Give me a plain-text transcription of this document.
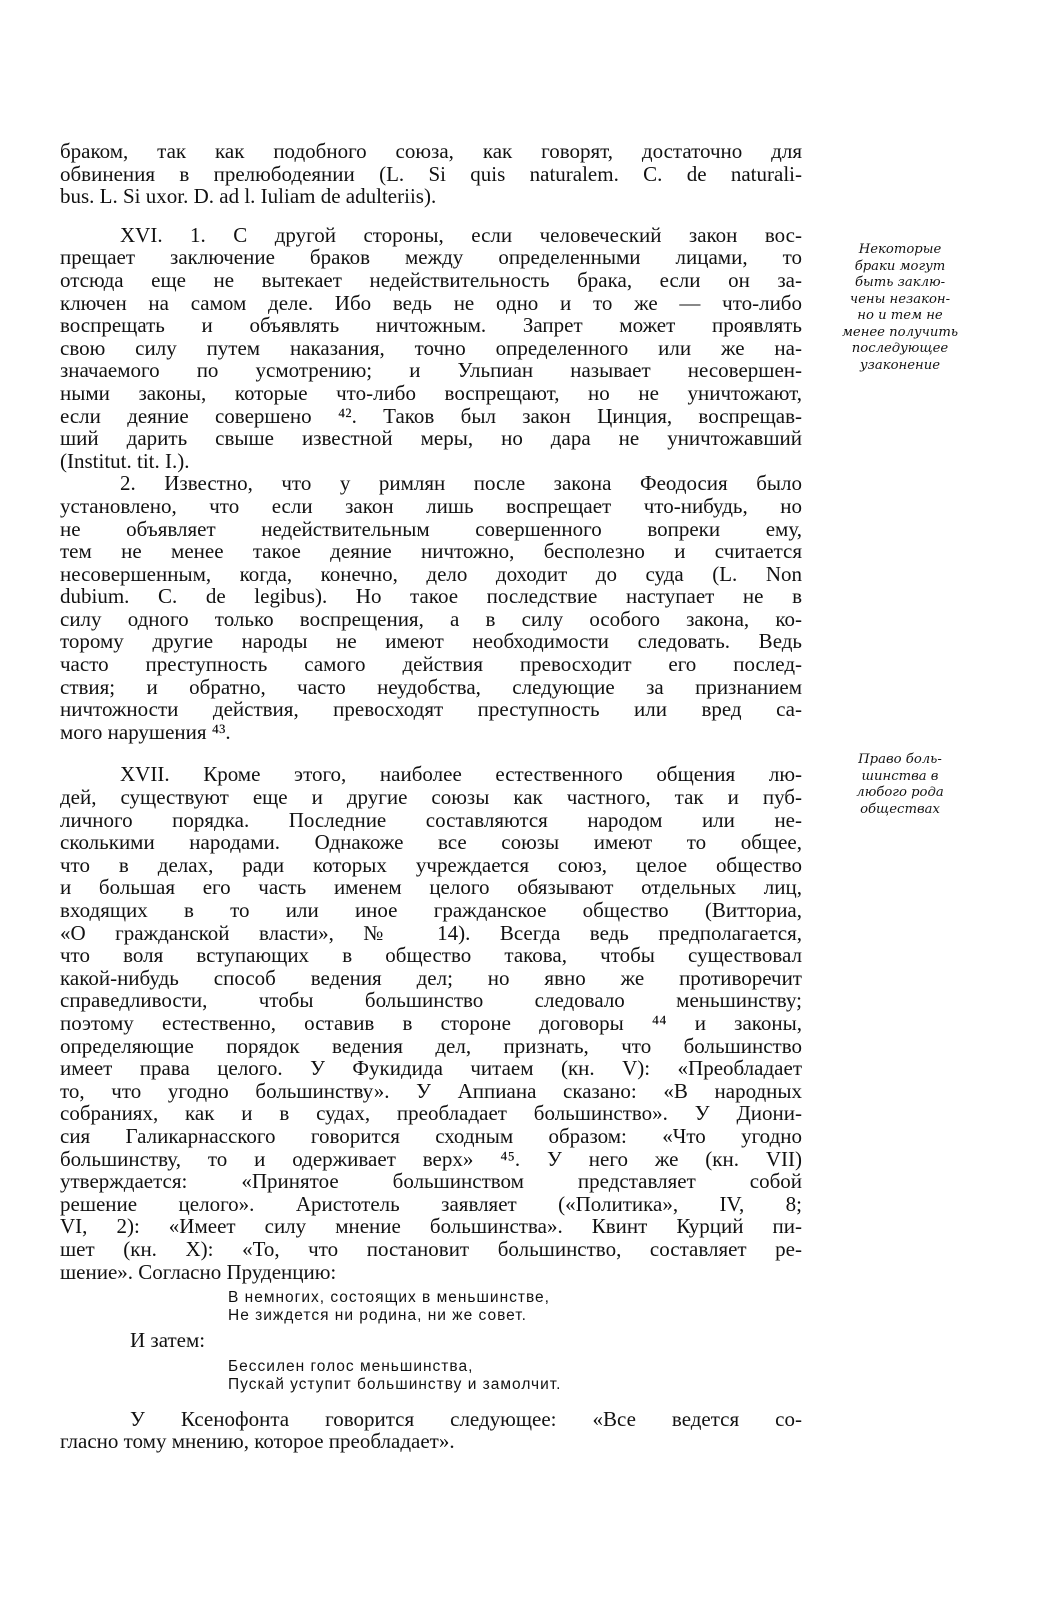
браком, так как подобного союза, как говорят, достаточно для
обвинения в прелюбодеянии (L. Si quis naturalem. C. de naturali-
bus. L. Si uxor. D. ad l. Iuliam de adulteriis).
XVI. 1. С другой стороны, если человеческий закон вос-
прещает заключение браков между определенными лицами, то
отсюда еще не вытекает недействительность брака, если он за-
ключен на самом деле. Ибо ведь не одно и то же — что-либо
воспрещать и объявлять ничтожным. Запрет может проявлять
свою силу путем наказания, точно определенного или же на-
значаемого по усмотрению; и Ульпиан называет несовершен-
ными законы, которые что-либо воспрещают, но не уничтожают,
если деяние совершено ⁴². Таков был закон Цинция, воспрещав-
ший дарить свыше известной меры, но дара не уничтожавший
(Institut. tit. I.).
2. Известно, что у римлян после закона Феодосия было
установлено, что если закон лишь воспрещает что-нибудь, но
не объявляет недействительным совершенного вопреки ему,
тем не менее такое деяние ничтожно, бесполезно и считается
несовершенным, когда, конечно, дело доходит до суда (L. Non
dubium. C. de legibus). Но такое последствие наступает не в
силу одного только воспрещения, а в силу особого закона, ко-
торому другие народы не имеют необходимости следовать. Ведь
часто преступность самого действия превосходит его послед-
ствия; и обратно, часто неудобства, следующие за признанием
ничтожности действия, превосходят преступность или вред са-
мого нарушения ⁴³.
XVII. Кроме этого, наиболее естественного общения лю-
дей, существуют еще и другие союзы как частного, так и пуб-
личного порядка. Последние составляются народом или не-
сколькими народами. Однакоже все союзы имеют то общее,
что в делах, ради которых учреждается союз, целое общество
и большая его часть именем целого обязывают отдельных лиц,
входящих в то или иное гражданское общество (Витториа,
«О гражданской власти», № 14). Всегда ведь предполагается,
что воля вступающих в общество такова, чтобы существовал
какой-нибудь способ ведения дел; но явно же противоречит
справедливости, чтобы большинство следовало меньшинству;
поэтому естественно, оставив в стороне договоры ⁴⁴ и законы,
определяющие порядок ведения дел, признать, что большинство
имеет права целого. У Фукидида читаем (кн. V): «Преобладает
то, что угодно большинству». У Аппиана сказано: «В народных
собраниях, как и в судах, преобладает большинство». У Диони-
сия Галикарнасского говорится сходным образом: «Что угодно
большинству, то и одерживает верх» ⁴⁵. У него же (кн. VII)
утверждается: «Принятое большинством представляет собой
решение целого». Аристотель заявляет («Политика», IV, 8;
VI, 2): «Имеет силу мнение большинства». Квинт Курций пи-
шет (кн. X): «То, что постановит большинство, составляет ре-
шение». Согласно Пруденцию:
В немногих, состоящих в меньшинстве,
Не зиждется ни родина, ни же совет.
И затем:
Бессилен голос меньшинства,
Пускай уступит большинству и замолчит.
У Ксенофонта говорится следующее: «Все ведется со-
гласно тому мнению, которое преобладает».
Некоторые
браки могут
быть заклю-
чены незакон-
но и тем не
менее получить
последующее
узаконение
Право боль-
шинства в
любого рода
обществах
